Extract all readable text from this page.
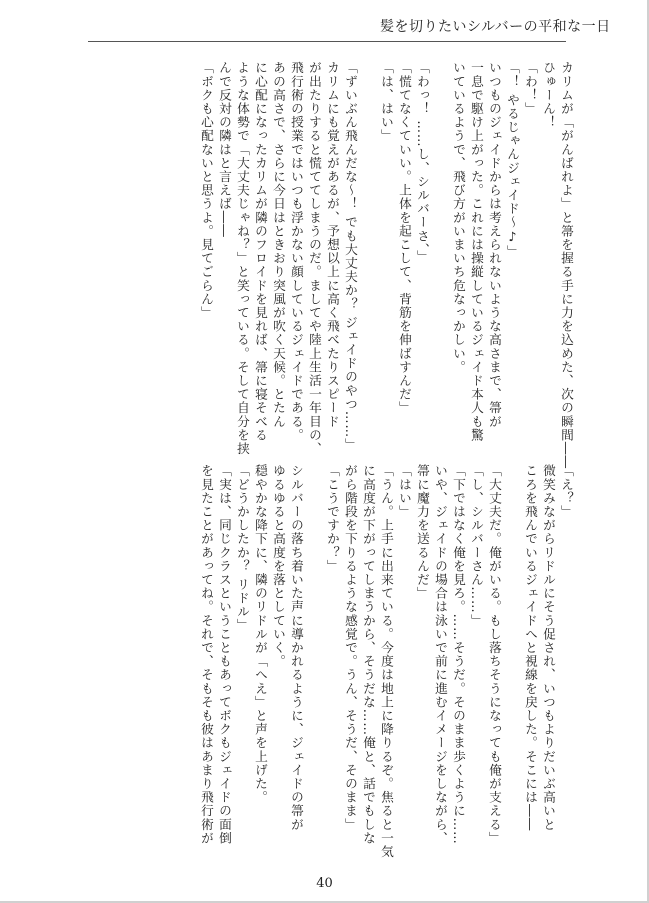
髪を切りたいシルバーの平和な一日
カリムが「がんばれよ」と箒を握る手に力を込めた、次の瞬間――
ひゅーん！
「わ！」
「！ やるじゃんジェイド～♪」
いつものジェイドからは考えられないような高さまで、箒が
一息で駆け上がった。これには操縦しているジェイド本人も驚
いているようで、飛び方がいまいち危なっかしい。

「わっ！ ……し、シルバーさ、」
「慌てなくていい。上体を起こして、背筋を伸ばすんだ」
「は、はい」

「ずいぶん飛んだな～！ でも大丈夫か？ ジェイドのやつ……」
カリムにも覚えがあるが、予想以上に高く飛べたりスピード
が出たりすると慌ててしまうのだ。ましてや陸上生活一年目の、
飛行術の授業ではいつも浮かない顔しているジェイドである。
あの高さで、さらに今日はときおり突風が吹く天候。とたん
に心配になったカリムが隣のフロイドを見れば、箒に寝そべる
ような体勢で「大丈夫じゃね？」と笑っている。そして自分を挟
んで反対の隣はと言えば――
「ボクも心配ないと思うよ。見てごらん」
「え？」
微笑みながらリドルにそう促され、いつもよりだいぶ高いと
ころを飛んでいるジェイドへと視線を戻した。そこには――

「大丈夫だ。俺がいる。もし落ちそうになっても俺が支える」
「し、シルバーさん……」
「下ではなく俺を見ろ。……そうだ。そのまま歩くように……
いや、ジェイドの場合は泳いで前に進むイメージをしながら、
箒に魔力を送るんだ」
「はい」
「うん。上手に出来ている。今度は地上に降りるぞ。焦ると一気
に高度が下がってしまうから、そうだな……俺と、話でもしな
がら階段を下りるような感覚で。うん、そうだ、そのまま」
「こうですか？」

シルバーの落ち着いた声に導かれるように、ジェイドの箒が
ゆるゆると高度を落としていく。
穏やかな降下に、隣のリドルが「へえ」と声を上げた。
「どうかしたか？ リドル」
「実は、同じクラスということもあってボクもジェイドの面倒
を見たことがあってね。それで、そもそも彼はあまり飛行術が
40
